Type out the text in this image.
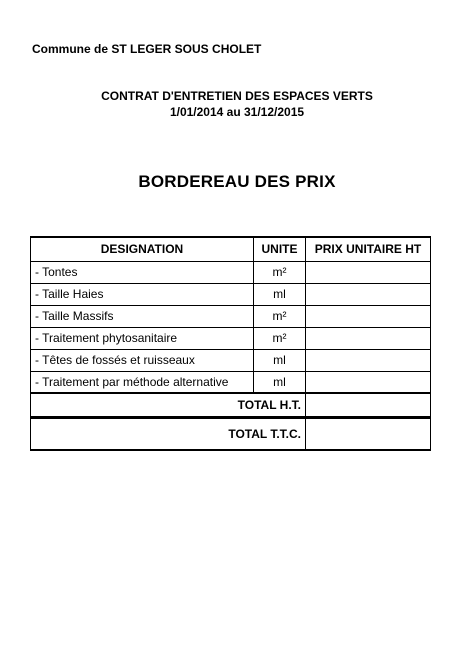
Commune de ST LEGER SOUS CHOLET
CONTRAT D'ENTRETIEN DES ESPACES VERTS
1/01/2014 au 31/12/2015
BORDEREAU DES PRIX
DESIGNATION	UNITE	PRIX UNITAIRE HT
- Tontes	m²	
- Taille Haies	ml	
- Taille Massifs	m²	
- Traitement phytosanitaire	m²	
- Têtes de fossés et ruisseaux	ml	
- Traitement par méthode alternative	ml	
TOTAL H.T.		

TOTAL T.T.C.		
